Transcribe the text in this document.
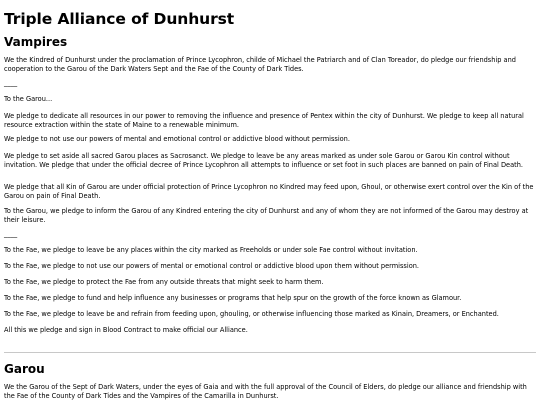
Triple Alliance of Dunhurst
Vampires

We the Kindred of Dunhurst under the proclamation of Prince Lycophron, childe of Michael the Patriarch and of Clan Toreador, do pledge our friendship and cooperation to the Garou of the Dark Waters Sept and the Fae of the County of Dark Tides.

____

To the Garou...

We pledge to dedicate all resources in our power to removing the influence and presence of Pentex within the city of Dunhurst. We pledge to keep all natural resource extraction within the state of Maine to a renewable minimum.

We pledge to not use our powers of mental and emotional control or addictive blood without permission.

We pledge to set aside all sacred Garou places as Sacrosanct. We pledge to leave be any areas marked as under sole Garou or Garou Kin control without invitation. We pledge that under the official decree of Prince Lycophron all attempts to influence or set foot in such places are banned on pain of Final Death.

We pledge that all Kin of Garou are under official protection of Prince Lycophron no Kindred may feed upon, Ghoul, or otherwise exert control over the Kin of the Garou on pain of Final Death.

To the Garou, we pledge to inform the Garou of any Kindred entering the city of Dunhurst and any of whom they are not informed of the Garou may destroy at their leisure.

____

To the Fae, we pledge to leave be any places within the city marked as Freeholds or under sole Fae control without invitation.

To the Fae, we pledge to not use our powers of mental or emotional control or addictive blood upon them without permission.

To the Fae, we pledge to protect the Fae from any outside threats that might seek to harm them.

To the Fae, we pledge to fund and help influence any businesses or programs that help spur on the growth of the force known as Glamour.

To the Fae, we pledge to leave be and refrain from feeding upon, ghouling, or otherwise influencing those marked as Kinain, Dreamers, or Enchanted.

All this we pledge and sign in Blood Contract to make official our Alliance.

Garou

We the Garou of the Sept of Dark Waters, under the eyes of Gaia and with the full approval of the Council of Elders, do pledge our alliance and friendship with the Fae of the County of Dark Tides and the Vampires of the Camarilla in Dunhurst.
